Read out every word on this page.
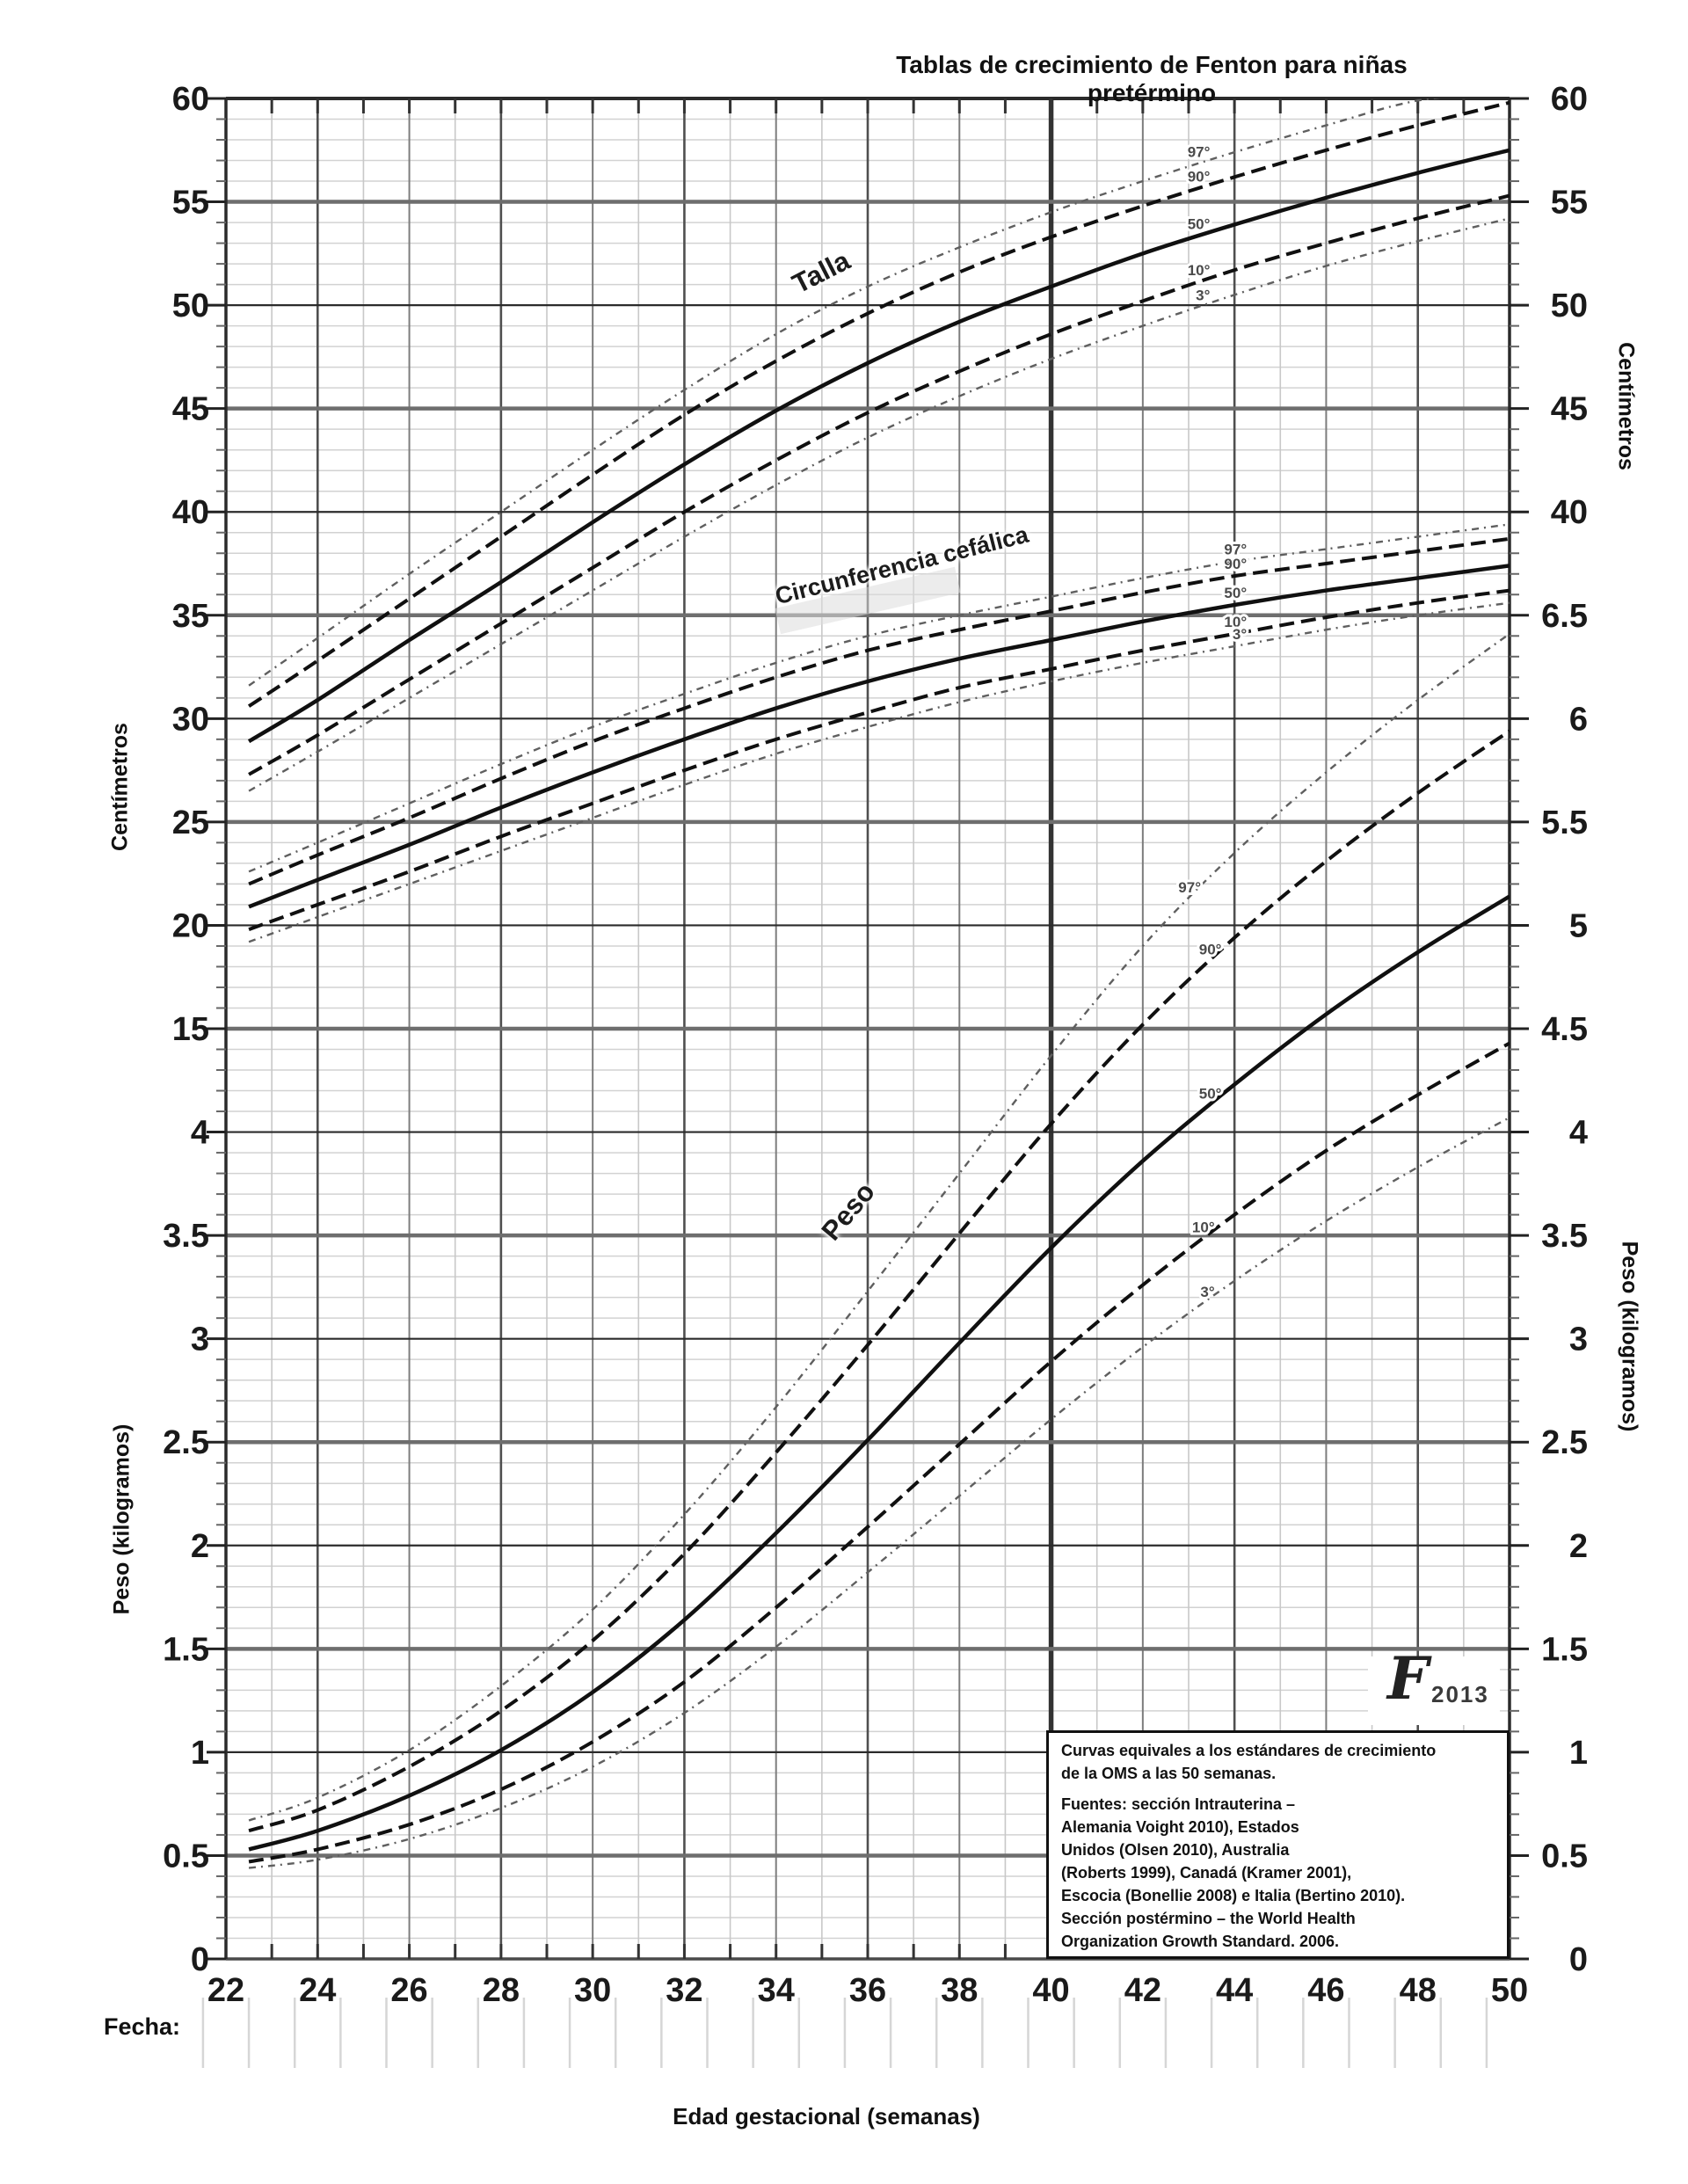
60
55
50
45
40
35
30
25
20
15
4
3.5
3
2.5
2
1.5
1
0.5
0
60
55
50
45
40
6.5
6
5.5
5
4.5
4
3.5
3
2.5
2
1.5
1
0.5
0
22 24 26 28 30 32 34 36 38 40 42 44 46 48 50
97°
90°
50°
10°
3°
97°
90°
50°
10°
3°
97°
90°
50°
10°
3°
Tablas de crecimiento de Fenton para niñas pretérmino
Centímetros
Peso (kilogramos)
Centímetros
Peso (kilogramos)
Talla
Circunferencia cefálica
Peso
F 2013
Curvas equivales a los estándares de crecimiento
de la OMS a las 50 semanas.
Fuentes: sección Intrauterina –
Alemania Voight 2010), Estados
Unidos (Olsen 2010), Australia
(Roberts 1999), Canadá (Kramer 2001),
Escocia (Bonellie 2008) e Italia (Bertino 2010).
Sección postérmino – the World Health
Organization Growth Standard. 2006.
Fecha:
Edad gestacional (semanas)
